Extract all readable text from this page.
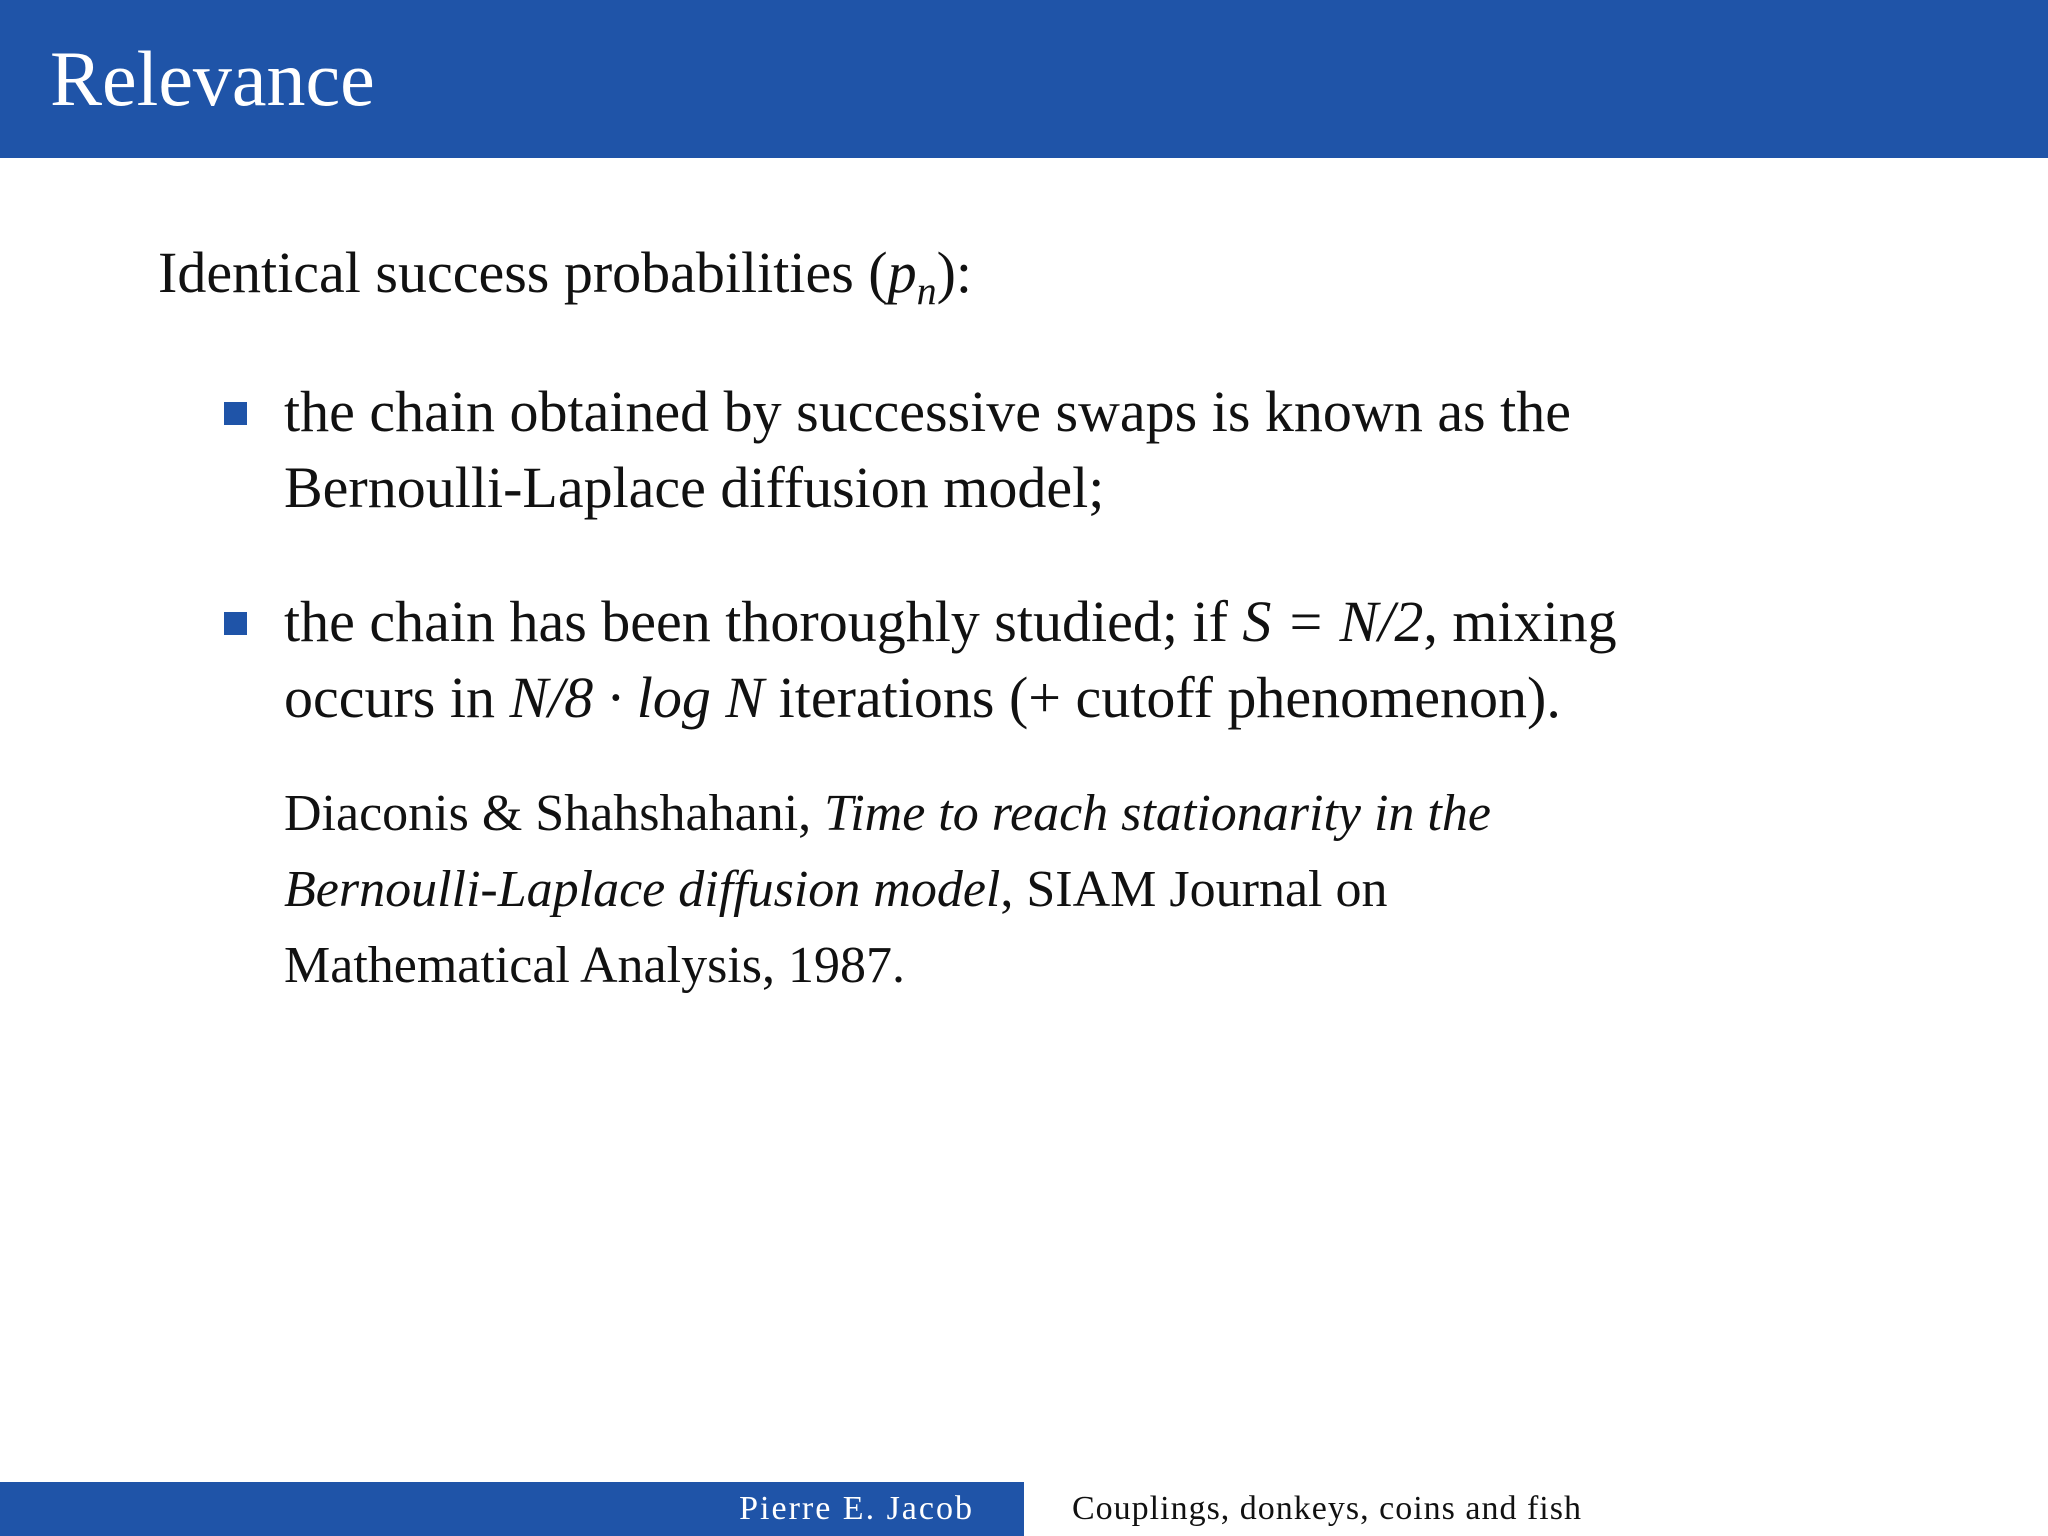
Relevance
Identical success probabilities $(p_n)$:
the chain obtained by successive swaps is known as the
Bernoulli-Laplace diffusion model;
the chain has been thoroughly studied; if S = N/2, mixing
occurs in N/8 · log N iterations (+ cutoff phenomenon).
Diaconis & Shahshahani, Time to reach stationarity in the
Bernoulli-Laplace diffusion model, SIAM Journal on
Mathematical Analysis, 1987.
Pierre E. Jacob	Couplings, donkeys, coins and fish
